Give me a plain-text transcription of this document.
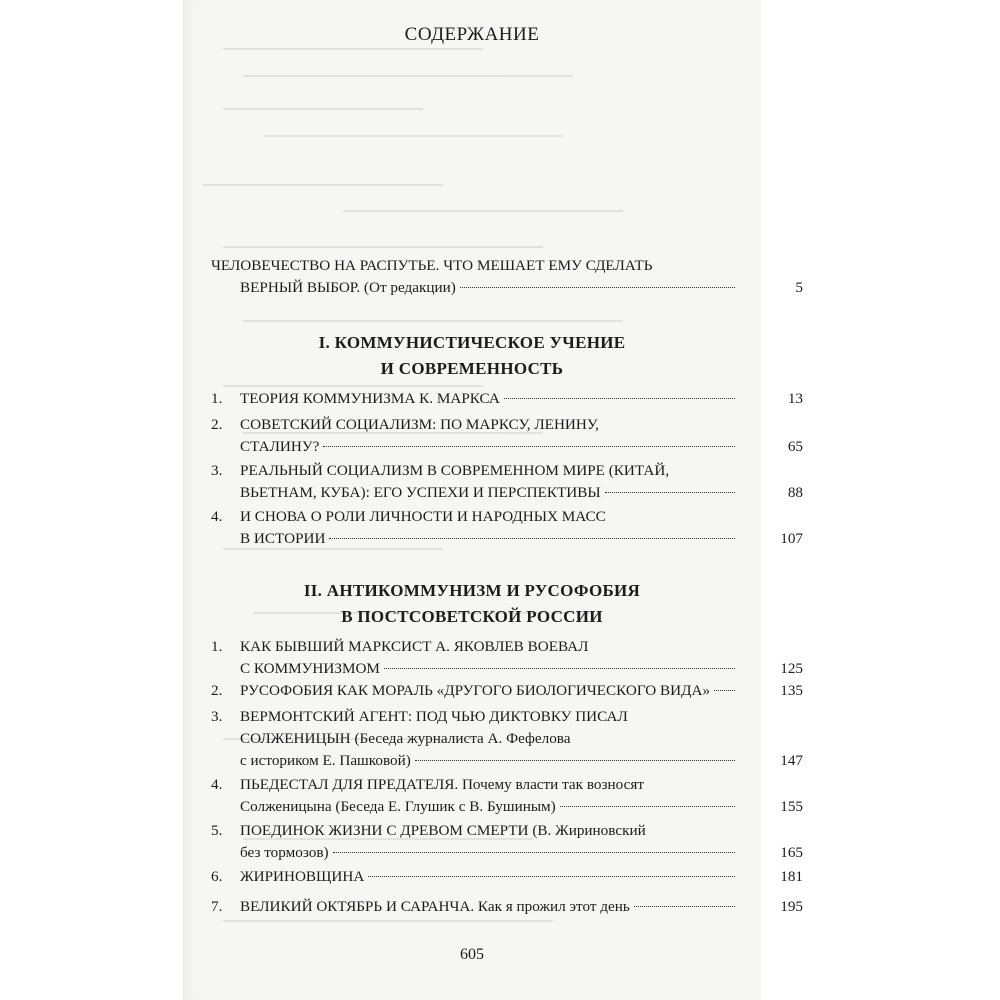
СОДЕРЖАНИЕ
ЧЕЛОВЕЧЕСТВО НА РАСПУТЬЕ. ЧТО МЕШАЕТ ЕМУ СДЕЛАТЬ
ВЕРНЫЙ ВЫБОР. (От редакции)	5
I. КОММУНИСТИЧЕСКОЕ УЧЕНИЕ
И СОВРЕМЕННОСТЬ
1. ТЕОРИЯ КОММУНИЗМА К. МАРКСА	13
2. СОВЕТСКИЙ СОЦИАЛИЗМ: ПО МАРКСУ, ЛЕНИНУ,
СТАЛИНУ?	65
3. РЕАЛЬНЫЙ СОЦИАЛИЗМ В СОВРЕМЕННОМ МИРЕ (КИТАЙ,
ВЬЕТНАМ, КУБА): ЕГО УСПЕХИ И ПЕРСПЕКТИВЫ	88
4. И СНОВА О РОЛИ ЛИЧНОСТИ И НАРОДНЫХ МАСС
В ИСТОРИИ	107
II. АНТИКОММУНИЗМ И РУСОФОБИЯ
В ПОСТСОВЕТСКОЙ РОССИИ
1. КАК БЫВШИЙ МАРКСИСТ А. ЯКОВЛЕВ ВОЕВАЛ
С КОММУНИЗМОМ	125
2. РУСОФОБИЯ КАК МОРАЛЬ «ДРУГОГО БИОЛОГИЧЕСКОГО ВИДА»	135
3. ВЕРМОНТСКИЙ АГЕНТ: ПОД ЧЬЮ ДИКТОВКУ ПИСАЛ
СОЛЖЕНИЦЫН (Беседа журналиста А. Фефелова
с историком Е. Пашковой)	147
4. ПЬЕДЕСТАЛ ДЛЯ ПРЕДАТЕЛЯ. Почему власти так возносят
Солженицына (Беседа Е. Глушик с В. Бушиным)	155
5. ПОЕДИНОК ЖИЗНИ С ДРЕВОМ СМЕРТИ (В. Жириновский
без тормозов)	165
6. ЖИРИНОВЩИНА	181
7. ВЕЛИКИЙ ОКТЯБРЬ И САРАНЧА. Как я прожил этот день	195
605
